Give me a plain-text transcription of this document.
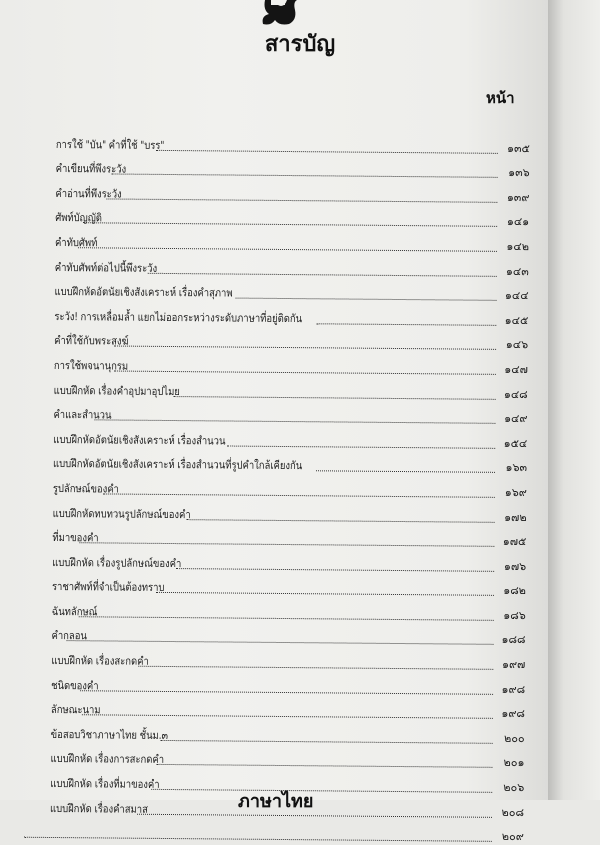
สารบัญ
หน้า
การใช้ "บัน" คำที่ใช้ "บรร"	๑๓๕
คำเขียนที่พึงระวัง	๑๓๖
คำอ่านที่พึงระวัง	๑๓๙
ศัพท์บัญญัติ	๑๔๑
คำทับศัพท์	๑๔๒
คำทับศัพท์ต่อไปนี้พึงระวัง	๑๔๓
แบบฝึกหัดอัตนัยเชิงสังเคราะห์ เรื่องคำสุภาพ	๑๔๔
ระวัง! การเหลื่อมล้ำ แยกไม่ออกระหว่างระดับภาษาที่อยู่ติดกัน	๑๔๕
คำที่ใช้กับพระสงฆ์	๑๔๖
การใช้พจนานุกรม	๑๔๗
แบบฝึกหัด เรื่องคำอุปมาอุปไมย	๑๔๘
คำและสำนวน	๑๔๙
แบบฝึกหัดอัตนัยเชิงสังเคราะห์ เรื่องสำนวน	๑๕๔
แบบฝึกหัดอัตนัยเชิงสังเคราะห์ เรื่องสำนวนที่รูปคำใกล้เคียงกัน	๑๖๓
รูปลักษณ์ของคำ	๑๖๙
แบบฝึกหัดทบทวนรูปลักษณ์ของคำ	๑๗๒
ที่มาของคำ	๑๗๕
แบบฝึกหัด เรื่องรูปลักษณ์ของคำ	๑๗๖
ราชาศัพท์ที่จำเป็นต้องทราบ	๑๘๒
ฉันทลักษณ์	๑๘๖
คำกลอน	๑๘๘
แบบฝึกหัด เรื่องสะกดคำ	๑๙๗
ชนิดของคำ	๑๙๘
ลักษณะนาม	๑๙๘
ข้อสอบวิชาภาษาไทย ชั้นม.๓	๒๐๐
แบบฝึกหัด เรื่องการสะกดคำ	๒๐๑
แบบฝึกหัด เรื่องที่มาของคำ	๒๐๖
แบบฝึกหัด เรื่องคำสมาส	๒๐๘
๒๐๙
ภาษาไทย
